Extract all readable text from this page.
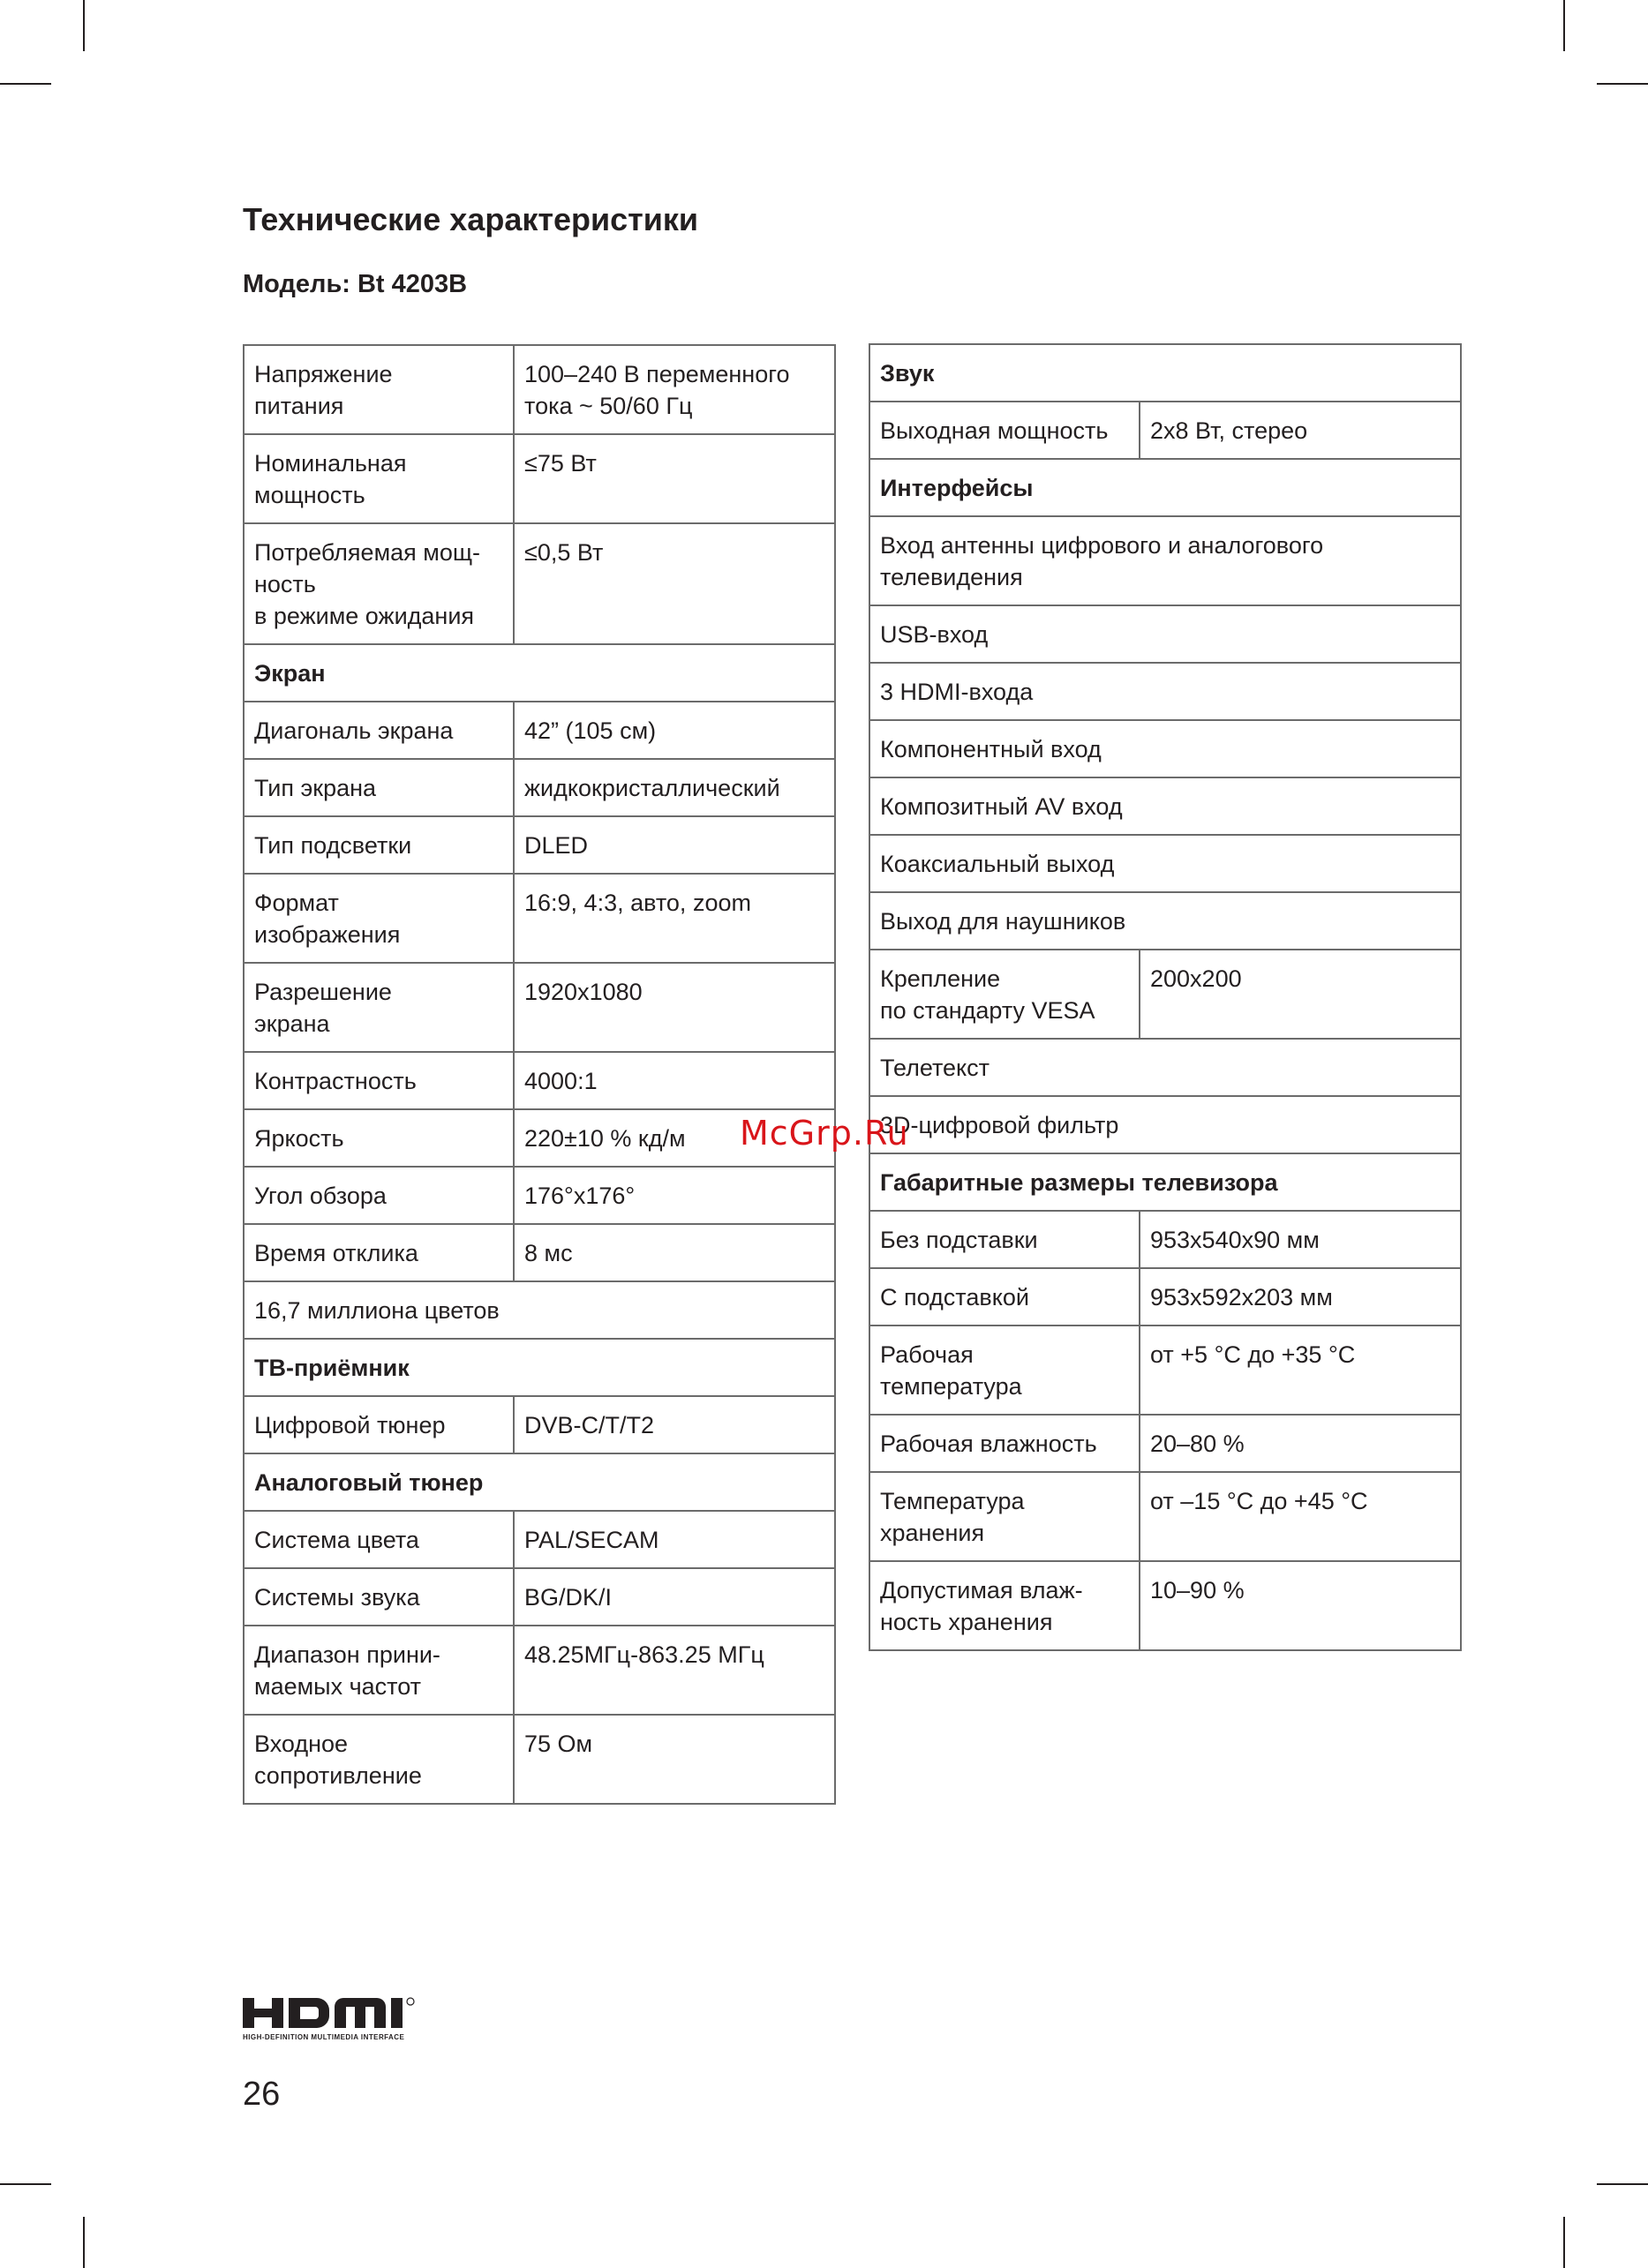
Технические характеристики
Модель: Bt 4203B
Напряжение
питания	100–240 В переменного
тока ~ 50/60 Гц
Номинальная
мощность	≤75 Вт
Потребляемая мощ-
ность
в режиме ожидания	≤0,5 Вт
Экран	
Диагональ экрана	42” (105 см)
Тип экрана	жидкокристаллический
Тип подсветки	DLED
Формат
изображения	16:9, 4:3, авто, zoom
Разрешение
экрана	1920x1080
Контрастность	4000:1
Яркость	220±10 % кд/м
Угол обзора	176°x176°
Время отклика	8 мс
16,7 миллиона цветов	
ТВ-приёмник	
Цифровой тюнер	DVB-C/T/T2
Аналоговый тюнер	
Система цвета	PAL/SECAM
Системы звука	BG/DK/I
Диапазон прини-
маемых частот	48.25МГц-863.25 МГц
Входное
сопротивление	75 Ом
Звук	
Выходная мощность	2x8 Вт, стерео
Интерфейсы	
Вход антенны цифрового и аналогового
телевидения	
USB-вход	
3 HDMI-входа	
Компонентный вход	
Композитный AV вход	
Коаксиальный выход	
Выход для наушников	
Крепление
по стандарту VESA	200x200
Телетекст	
3D-цифровой фильтр	
Габаритные размеры телевизора	
Без подставки	953x540x90 мм
С подставкой	953x592x203 мм
Рабочая
температура	от +5 °С до +35 °С
Рабочая влажность	20–80 %
Температура
хранения	от –15 °С до +45 °С
Допустимая влаж-
ность хранения	10–90 %
McGrp.Ru
HIGH-DEFINITION MULTIMEDIA INTERFACE
26
